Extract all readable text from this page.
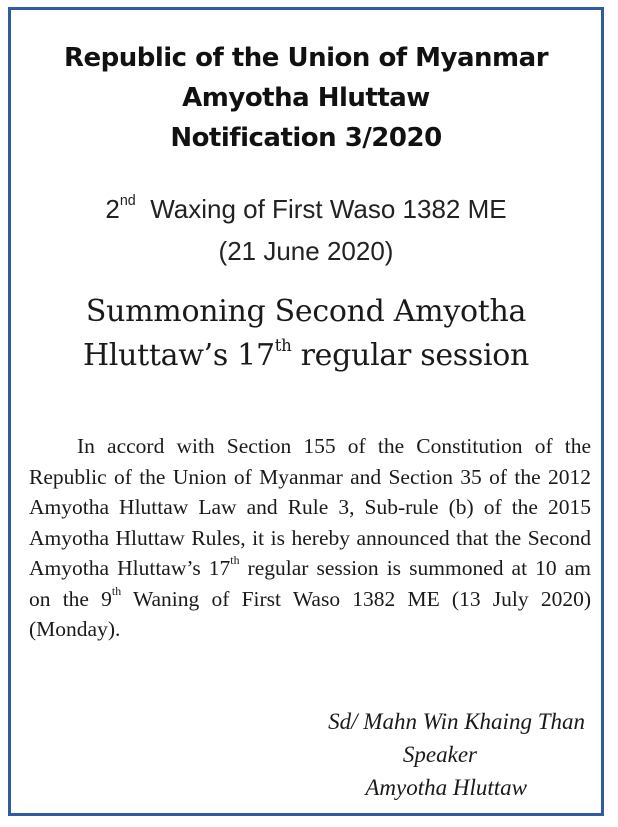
Republic of the Union of Myanmar
Amyotha Hluttaw
Notification 3/2020
2nd  Waxing of First Waso 1382 ME
(21 June 2020)
Summoning Second Amyotha
Hluttaw’s 17th regular session

In accord with Section 155 of the Constitution of the Republic of the Union of Myanmar and Section 35 of the 2012 Amyotha Hluttaw Law and Rule 3, Sub-rule (b) of the 2015 Amyotha Hluttaw Rules, it is hereby announced that the Second Amyotha Hluttaw’s 17th regular session is summoned at 10 am on the 9th Waning of First Waso 1382 ME (13 July 2020) (Monday).

Sd/ Mahn Win Khaing Than
Speaker
Amyotha Hluttaw
